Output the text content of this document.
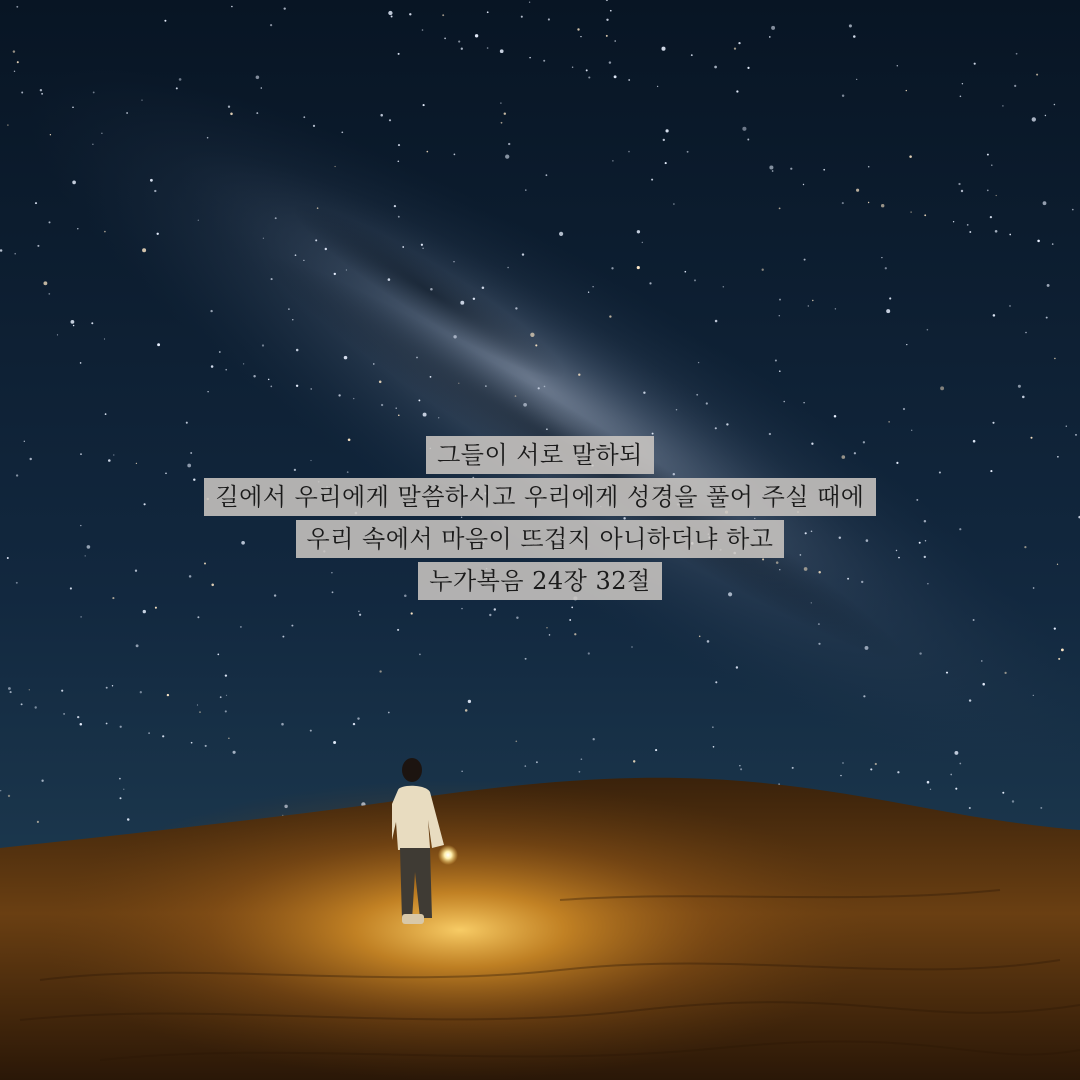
그들이 서로 말하되
길에서 우리에게 말씀하시고 우리에게 성경을 풀어 주실 때에
우리 속에서 마음이 뜨겁지 아니하더냐 하고
누가복음 24장 32절
